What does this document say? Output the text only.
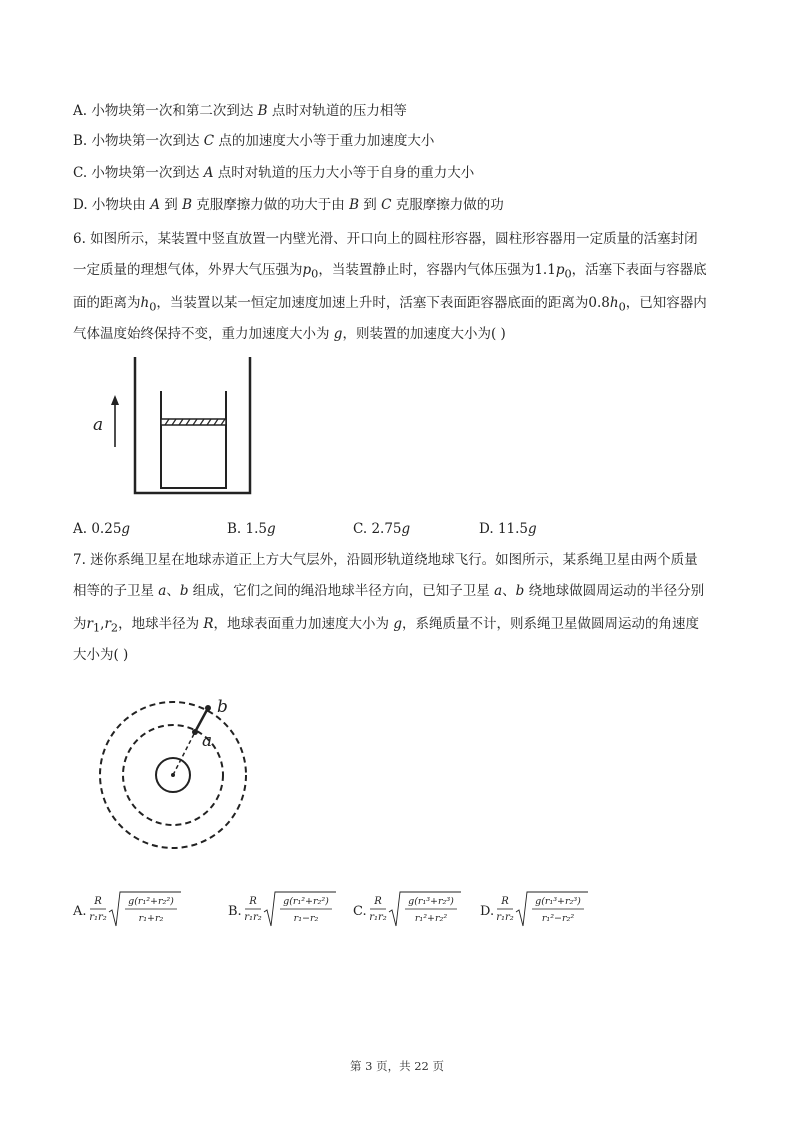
A. 小物块第一次和第二次到达 B 点时对轨道的压力相等
B. 小物块第一次到达 C 点的加速度大小等于重力加速度大小
C. 小物块第一次到达 A 点时对轨道的压力大小等于自身的重力大小
D. 小物块由 A 到 B 克服摩擦力做的功大于由 B 到 C 克服摩擦力做的功
6. 如图所示，某装置中竖直放置一内壁光滑、开口向上的圆柱形容器，圆柱形容器用一定质量的活塞封闭
一定质量的理想气体，外界大气压强为$p_0$，当装置静止时，容器内气体压强为$1.1p_0$，活塞下表面与容器底
面的距离为$h_0$，当装置以某一恒定加速度加速上升时，活塞下表面距容器底面的距离为$0.8h_0$，已知容器内
气体温度始终保持不变，重力加速度大小为 g，则装置的加速度大小为( )
a
A. 0.25g	B. 1.5g	C. 2.75g	D. 11.5g
7. 迷你系绳卫星在地球赤道正上方大气层外，沿圆形轨道绕地球飞行。如图所示，某系绳卫星由两个质量
相等的子卫星 a、b 组成，它们之间的绳沿地球半径方向，已知子卫星 a、b 绕地球做圆周运动的半径分别
为$r_1,r_2$，地球半径为 R，地球表面重力加速度大小为 g，系绳质量不计，则系绳卫星做圆周运动的角速度
大小为( )
b
a
A.
R
r₁r₂
g(r₁²+r₂²)
r₁+r₂	B.
R
r₁r₂
g(r₁²+r₂²)
r₁−r₂	C.
R
r₁r₂
g(r₁³+r₂³)
r₁²+r₂²	D.
R
r₁r₂
g(r₁³+r₂³)
r₁²−r₂²
第 3 页，共 22 页
